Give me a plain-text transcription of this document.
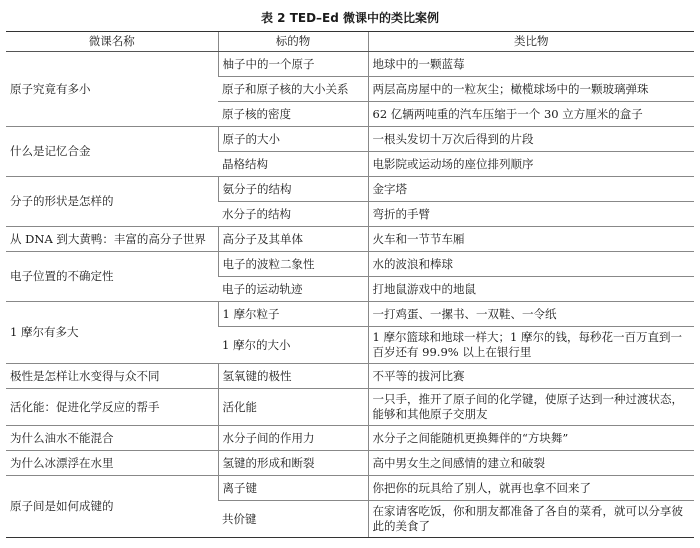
表 2 TED–Ed 微课中的类比案例
微课名称	标的物	类比物
原子究竟有多小	柚子中的一个原子	地球中的一颗蓝莓
	原子和原子核的大小关系	两层高房屋中的一粒灰尘；橄榄球场中的一颗玻璃弹珠
	原子核的密度	62 亿辆两吨重的汽车压缩于一个 30 立方厘米的盒子
什么是记忆合金	原子的大小	一根头发切十万次后得到的片段
	晶格结构	电影院或运动场的座位排列顺序
分子的形状是怎样的	氨分子的结构	金字塔
	水分子的结构	弯折的手臂
从 DNA 到大黄鸭：丰富的高分子世界	高分子及其单体	火车和一节节车厢
电子位置的不确定性	电子的波粒二象性	水的波浪和棒球
	电子的运动轨迹	打地鼠游戏中的地鼠
1 摩尔有多大	1 摩尔粒子	一打鸡蛋、一摞书、一双鞋、一令纸
	1 摩尔的大小	1 摩尔篮球和地球一样大；1 摩尔的钱，每秒花一百万直到一百岁还有 99.9% 以上在银行里
极性是怎样让水变得与众不同	氢氧键的极性	不平等的拔河比赛
活化能：促进化学反应的帮手	活化能	一只手，推开了原子间的化学键，使原子达到一种过渡状态，能够和其他原子交朋友
为什么油水不能混合	水分子间的作用力	水分子之间能随机更换舞伴的“方块舞”
为什么冰漂浮在水里	氢键的形成和断裂	高中男女生之间感情的建立和破裂
原子间是如何成键的	离子键	你把你的玩具给了别人，就再也拿不回来了
	共价键	在家请客吃饭，你和朋友都准备了各自的菜肴，就可以分享彼此的美食了
